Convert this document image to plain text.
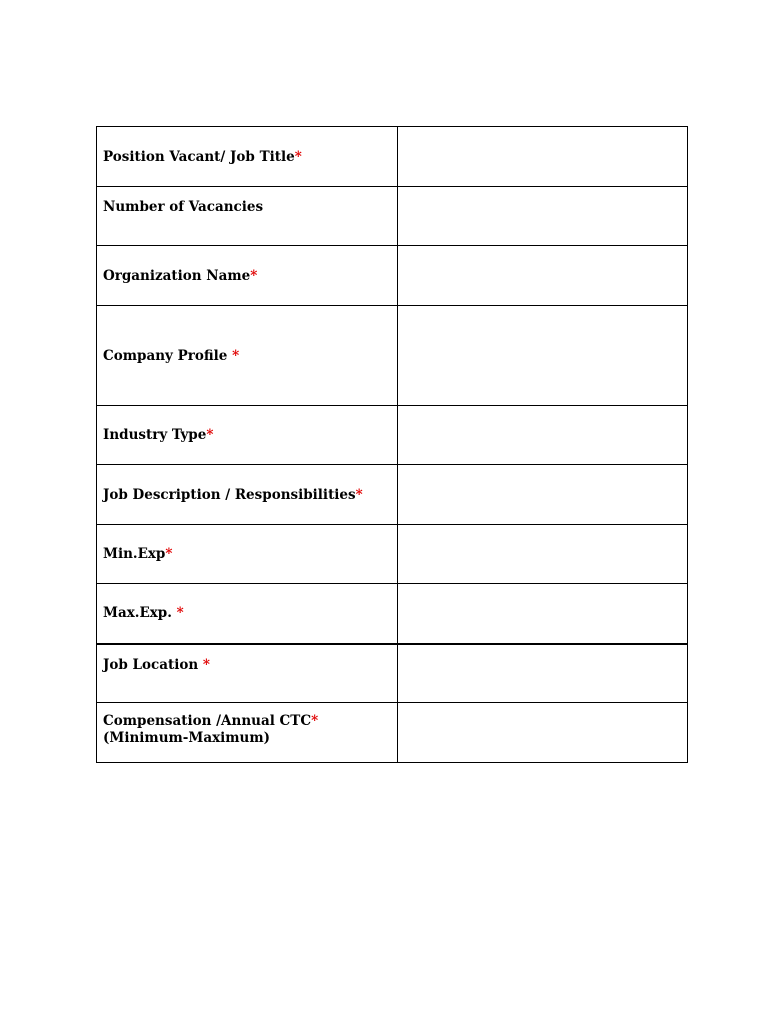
Position Vacant/ Job Title*	
Number of Vacancies	
Organization Name*	
Company Profile *	
Industry Type*	
Job Description / Responsibilities*	
Min.Exp*	
Max.Exp. *	
Job Location *	
Compensation /Annual CTC*
(Minimum-Maximum)	
